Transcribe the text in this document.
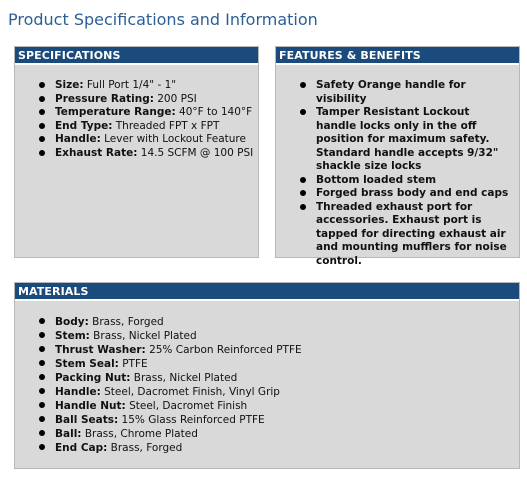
Product Specifications and Information
SPECIFICATIONS
Size: Full Port 1/4" - 1"
Pressure Rating: 200 PSI
Temperature Range: 40°F to 140°F
End Type: Threaded FPT x FPT
Handle: Lever with Lockout Feature
Exhaust Rate: 14.5 SCFM @ 100 PSI
FEATURES & BENEFITS
Safety Orange handle for visibility
Tamper Resistant Lockout handle locks only in the off position for maximum safety. Standard handle accepts 9/32" shackle size locks
Bottom loaded stem
Forged brass body and end caps
Threaded exhaust port for accessories. Exhaust port is tapped for directing exhaust air and mounting mufflers for noise control.
MATERIALS
Body: Brass, Forged
Stem: Brass, Nickel Plated
Thrust Washer: 25% Carbon Reinforced PTFE
Stem Seal: PTFE
Packing Nut: Brass, Nickel Plated
Handle: Steel, Dacromet Finish, Vinyl Grip
Handle Nut: Steel, Dacromet Finish
Ball Seats: 15% Glass Reinforced PTFE
Ball: Brass, Chrome Plated
End Cap: Brass, Forged
